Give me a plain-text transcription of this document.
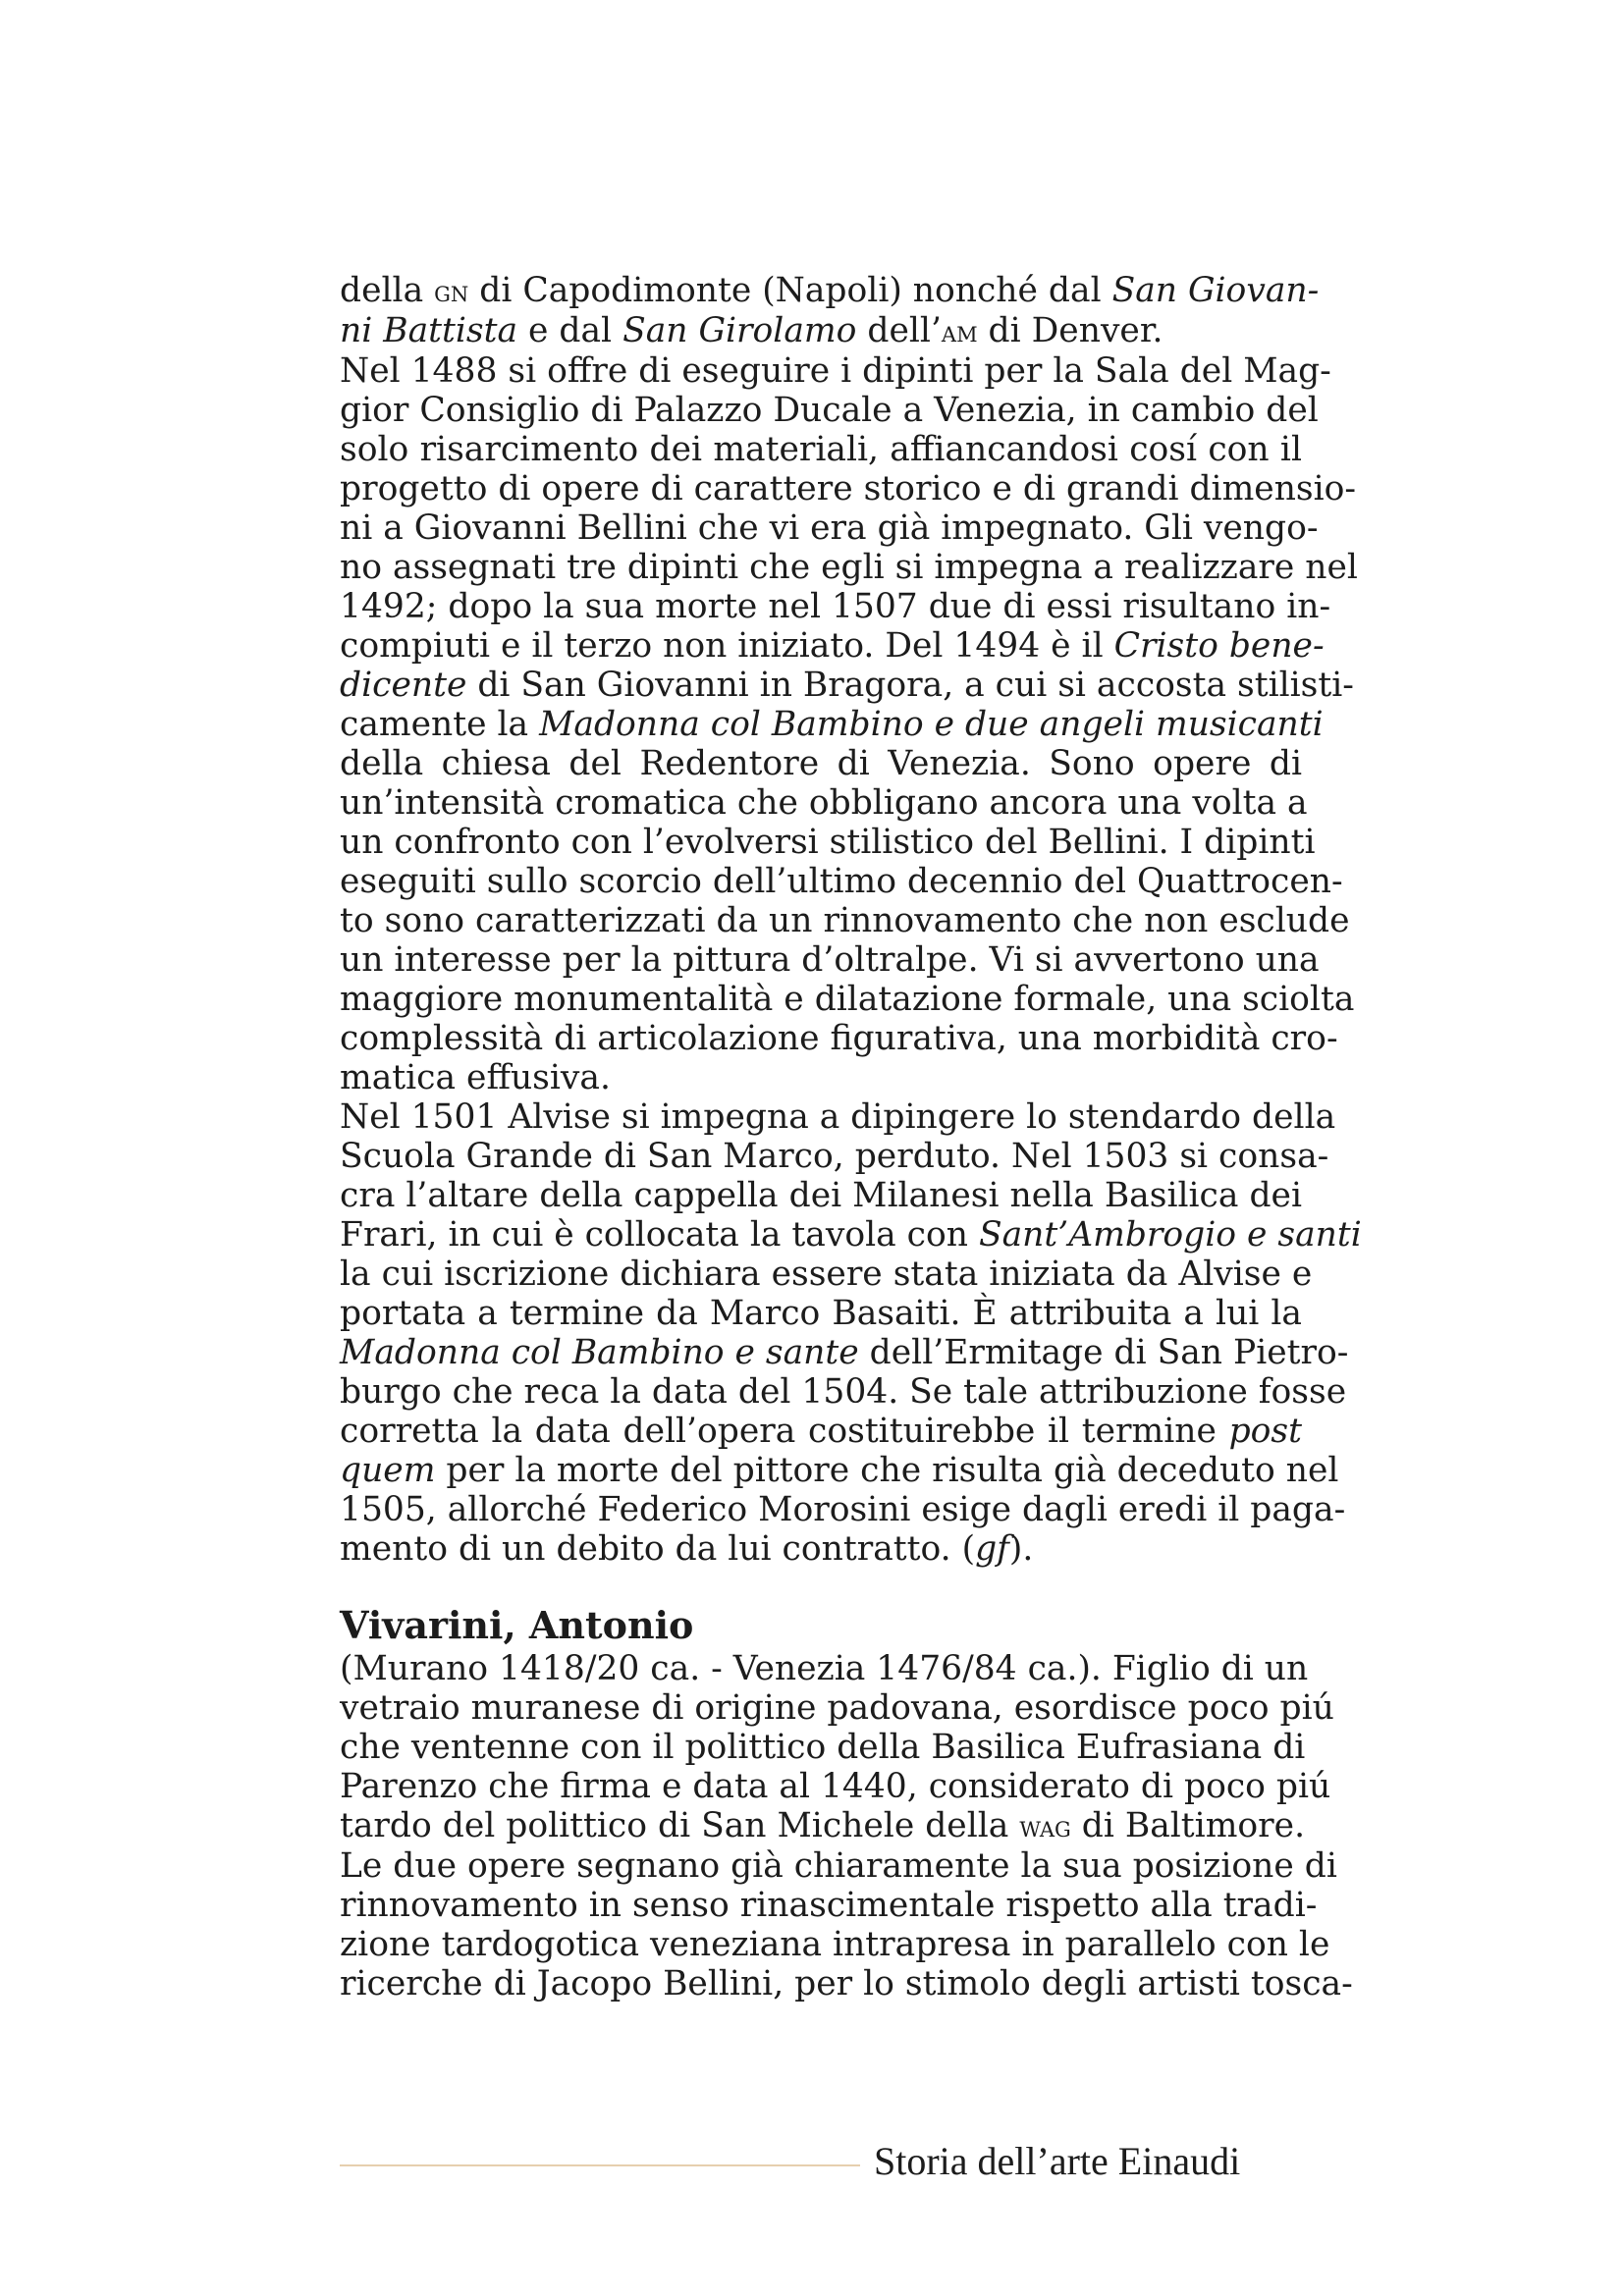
della gn di Capodimonte (Napoli) nonché dal San Giovan-
ni Battista e dal San Girolamo dell’am di Denver.
Nel 1488 si offre di eseguire i dipinti per la Sala del Mag-
gior Consiglio di Palazzo Ducale a Venezia, in cambio del
solo risarcimento dei materiali, affiancandosi cosí con il
progetto di opere di carattere storico e di grandi dimensio-
ni a Giovanni Bellini che vi era già impegnato. Gli vengo-
no assegnati tre dipinti che egli si impegna a realizzare nel
1492; dopo la sua morte nel 1507 due di essi risultano in-
compiuti e il terzo non iniziato. Del 1494 è il Cristo bene-
dicente di San Giovanni in Bragora, a cui si accosta stilisti-
camente la Madonna col Bambino e due angeli musicanti
della chiesa del Redentore di Venezia. Sono opere di
un’intensità cromatica che obbligano ancora una volta a
un confronto con l’evolversi stilistico del Bellini. I dipinti
eseguiti sullo scorcio dell’ultimo decennio del Quattrocen-
to sono caratterizzati da un rinnovamento che non esclude
un interesse per la pittura d’oltralpe. Vi si avvertono una
maggiore monumentalità e dilatazione formale, una sciolta
complessità di articolazione figurativa, una morbidità cro-
matica effusiva.
Nel 1501 Alvise si impegna a dipingere lo stendardo della
Scuola Grande di San Marco, perduto. Nel 1503 si consa-
cra l’altare della cappella dei Milanesi nella Basilica dei
Frari, in cui è collocata la tavola con Sant’Ambrogio e santi
la cui iscrizione dichiara essere stata iniziata da Alvise e
portata a termine da Marco Basaiti. È attribuita a lui la
Madonna col Bambino e sante dell’Ermitage di San Pietro-
burgo che reca la data del 1504. Se tale attribuzione fosse
corretta la data dell’opera costituirebbe il termine post
quem per la morte del pittore che risulta già deceduto nel
1505, allorché Federico Morosini esige dagli eredi il paga-
mento di un debito da lui contratto. (gf).
Vivarini, Antonio
(Murano 1418/20 ca. - Venezia 1476/84 ca.). Figlio di un
vetraio muranese di origine padovana, esordisce poco piú
che ventenne con il polittico della Basilica Eufrasiana di
Parenzo che firma e data al 1440, considerato di poco piú
tardo del polittico di San Michele della wag di Baltimore.
Le due opere segnano già chiaramente la sua posizione di
rinnovamento in senso rinascimentale rispetto alla tradi-
zione tardogotica veneziana intrapresa in parallelo con le
ricerche di Jacopo Bellini, per lo stimolo degli artisti tosca-
Storia dell’arte Einaudi
